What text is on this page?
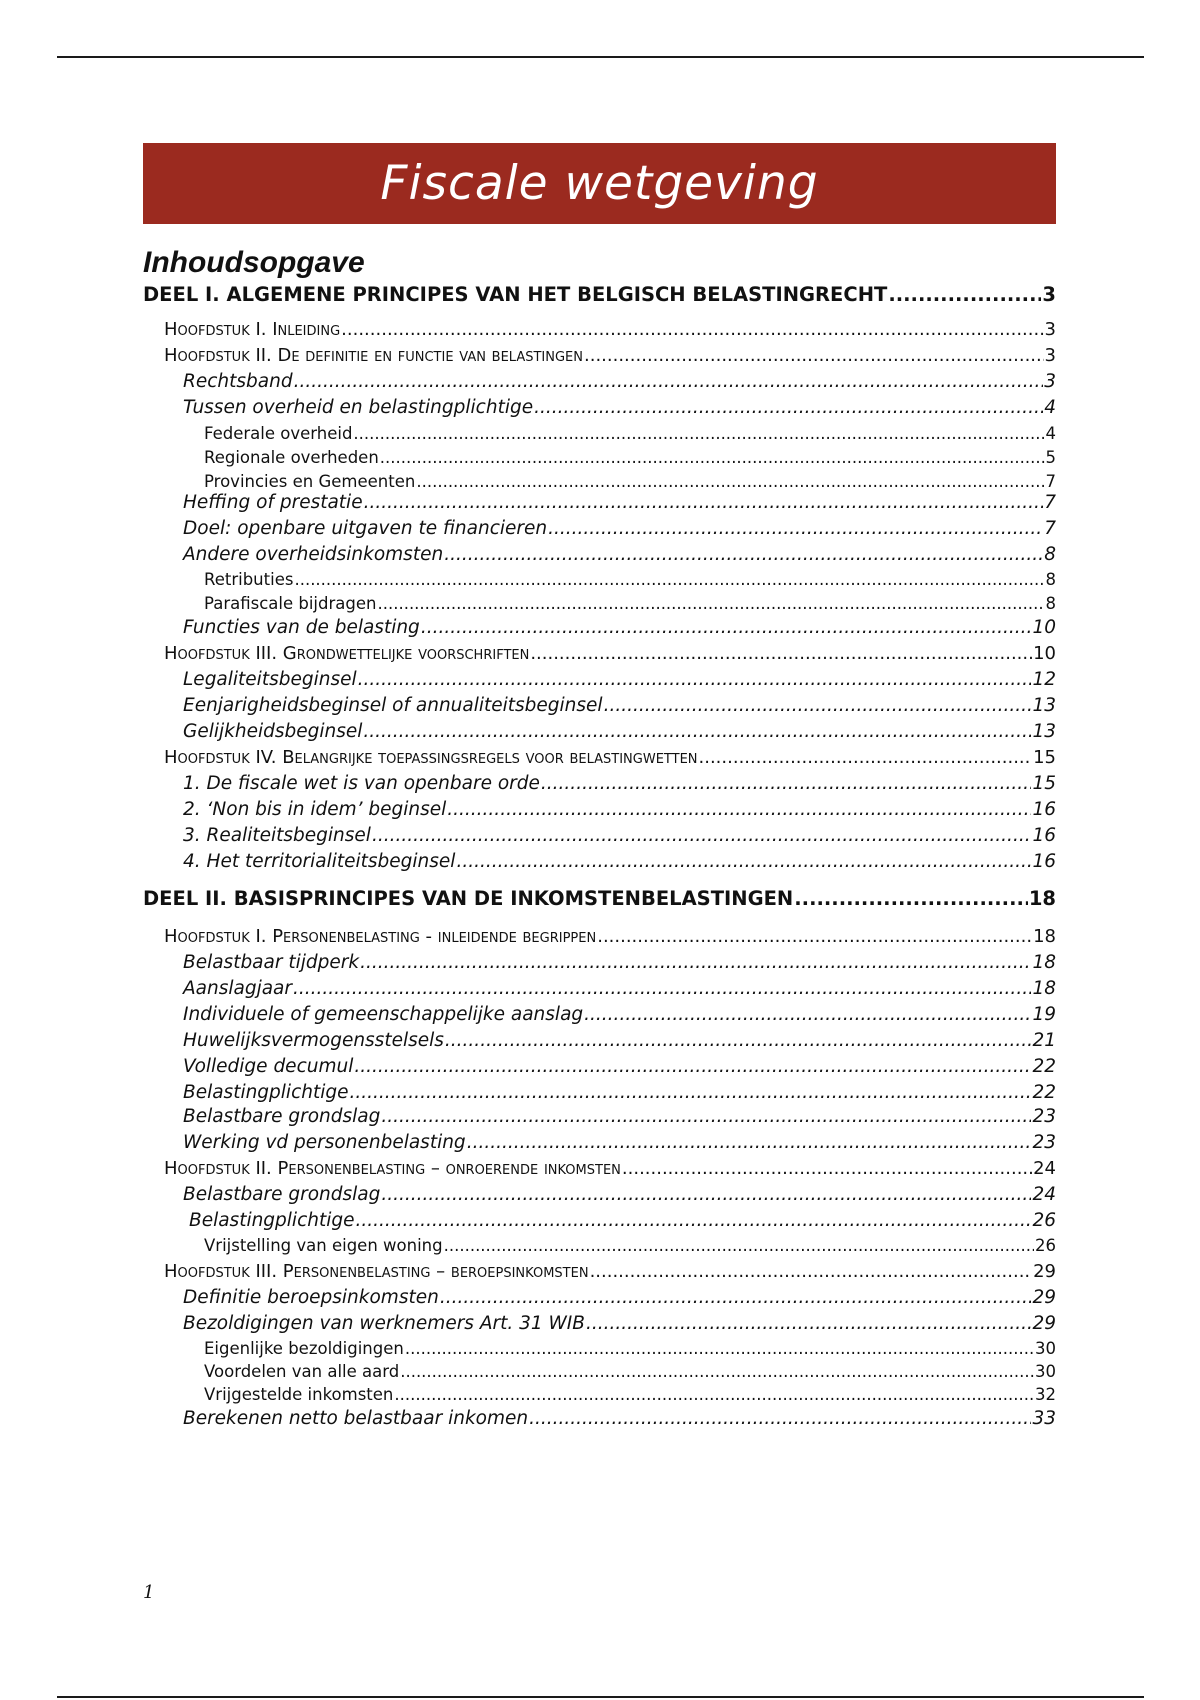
Fiscale wetgeving
Inhoudsopgave
DEEL I. ALGEMENE PRINCIPES VAN HET BELGISCH BELASTINGRECHT .....	3
Hoofdstuk I. Inleiding .....	3
Hoofdstuk II. De definitie en functie van belastingen .....	3
Rechtsband .....	3
Tussen overheid en belastingplichtige .....	4
Federale overheid .....	4
Regionale overheden .....	5
Provincies en Gemeenten .....	7
Heffing of prestatie .....	7
Doel: openbare uitgaven te financieren .....	7
Andere overheidsinkomsten .....	8
Retributies .....	8
Parafiscale bijdragen .....	8
Functies van de belasting .....	10
Hoofdstuk III. Grondwettelijke voorschriften .....	10
Legaliteitsbeginsel .....	12
Eenjarigheidsbeginsel of annualiteitsbeginsel .....	13
Gelijkheidsbeginsel .....	13
Hoofdstuk IV. Belangrijke toepassingsregels voor belastingwetten .....	15
1. De fiscale wet is van openbare orde .....	15
2. ‘Non bis in idem’ beginsel .....	16
3. Realiteitsbeginsel .....	16
4. Het territorialiteitsbeginsel .....	16
DEEL II. BASISPRINCIPES VAN DE INKOMSTENBELASTINGEN .....	18
Hoofdstuk I. Personenbelasting - inleidende begrippen .....	18
Belastbaar tijdperk .....	18
Aanslagjaar .....	18
Individuele of gemeenschappelijke aanslag .....	19
Huwelijksvermogensstelsels .....	21
Volledige decumul .....	22
Belastingplichtige .....	22
Belastbare grondslag .....	23
Werking vd personenbelasting .....	23
Hoofdstuk II. Personenbelasting – onroerende inkomsten .....	24
Belastbare grondslag .....	24
Belastingplichtige .....	26
Vrijstelling van eigen woning .....	26
Hoofdstuk III. Personenbelasting – beroepsinkomsten .....	29
Definitie beroepsinkomsten .....	29
Bezoldigingen van werknemers Art. 31 WIB .....	29
Eigenlijke bezoldigingen .....	30
Voordelen van alle aard .....	30
Vrijgestelde inkomsten .....	32
Berekenen netto belastbaar inkomen .....	33
1
